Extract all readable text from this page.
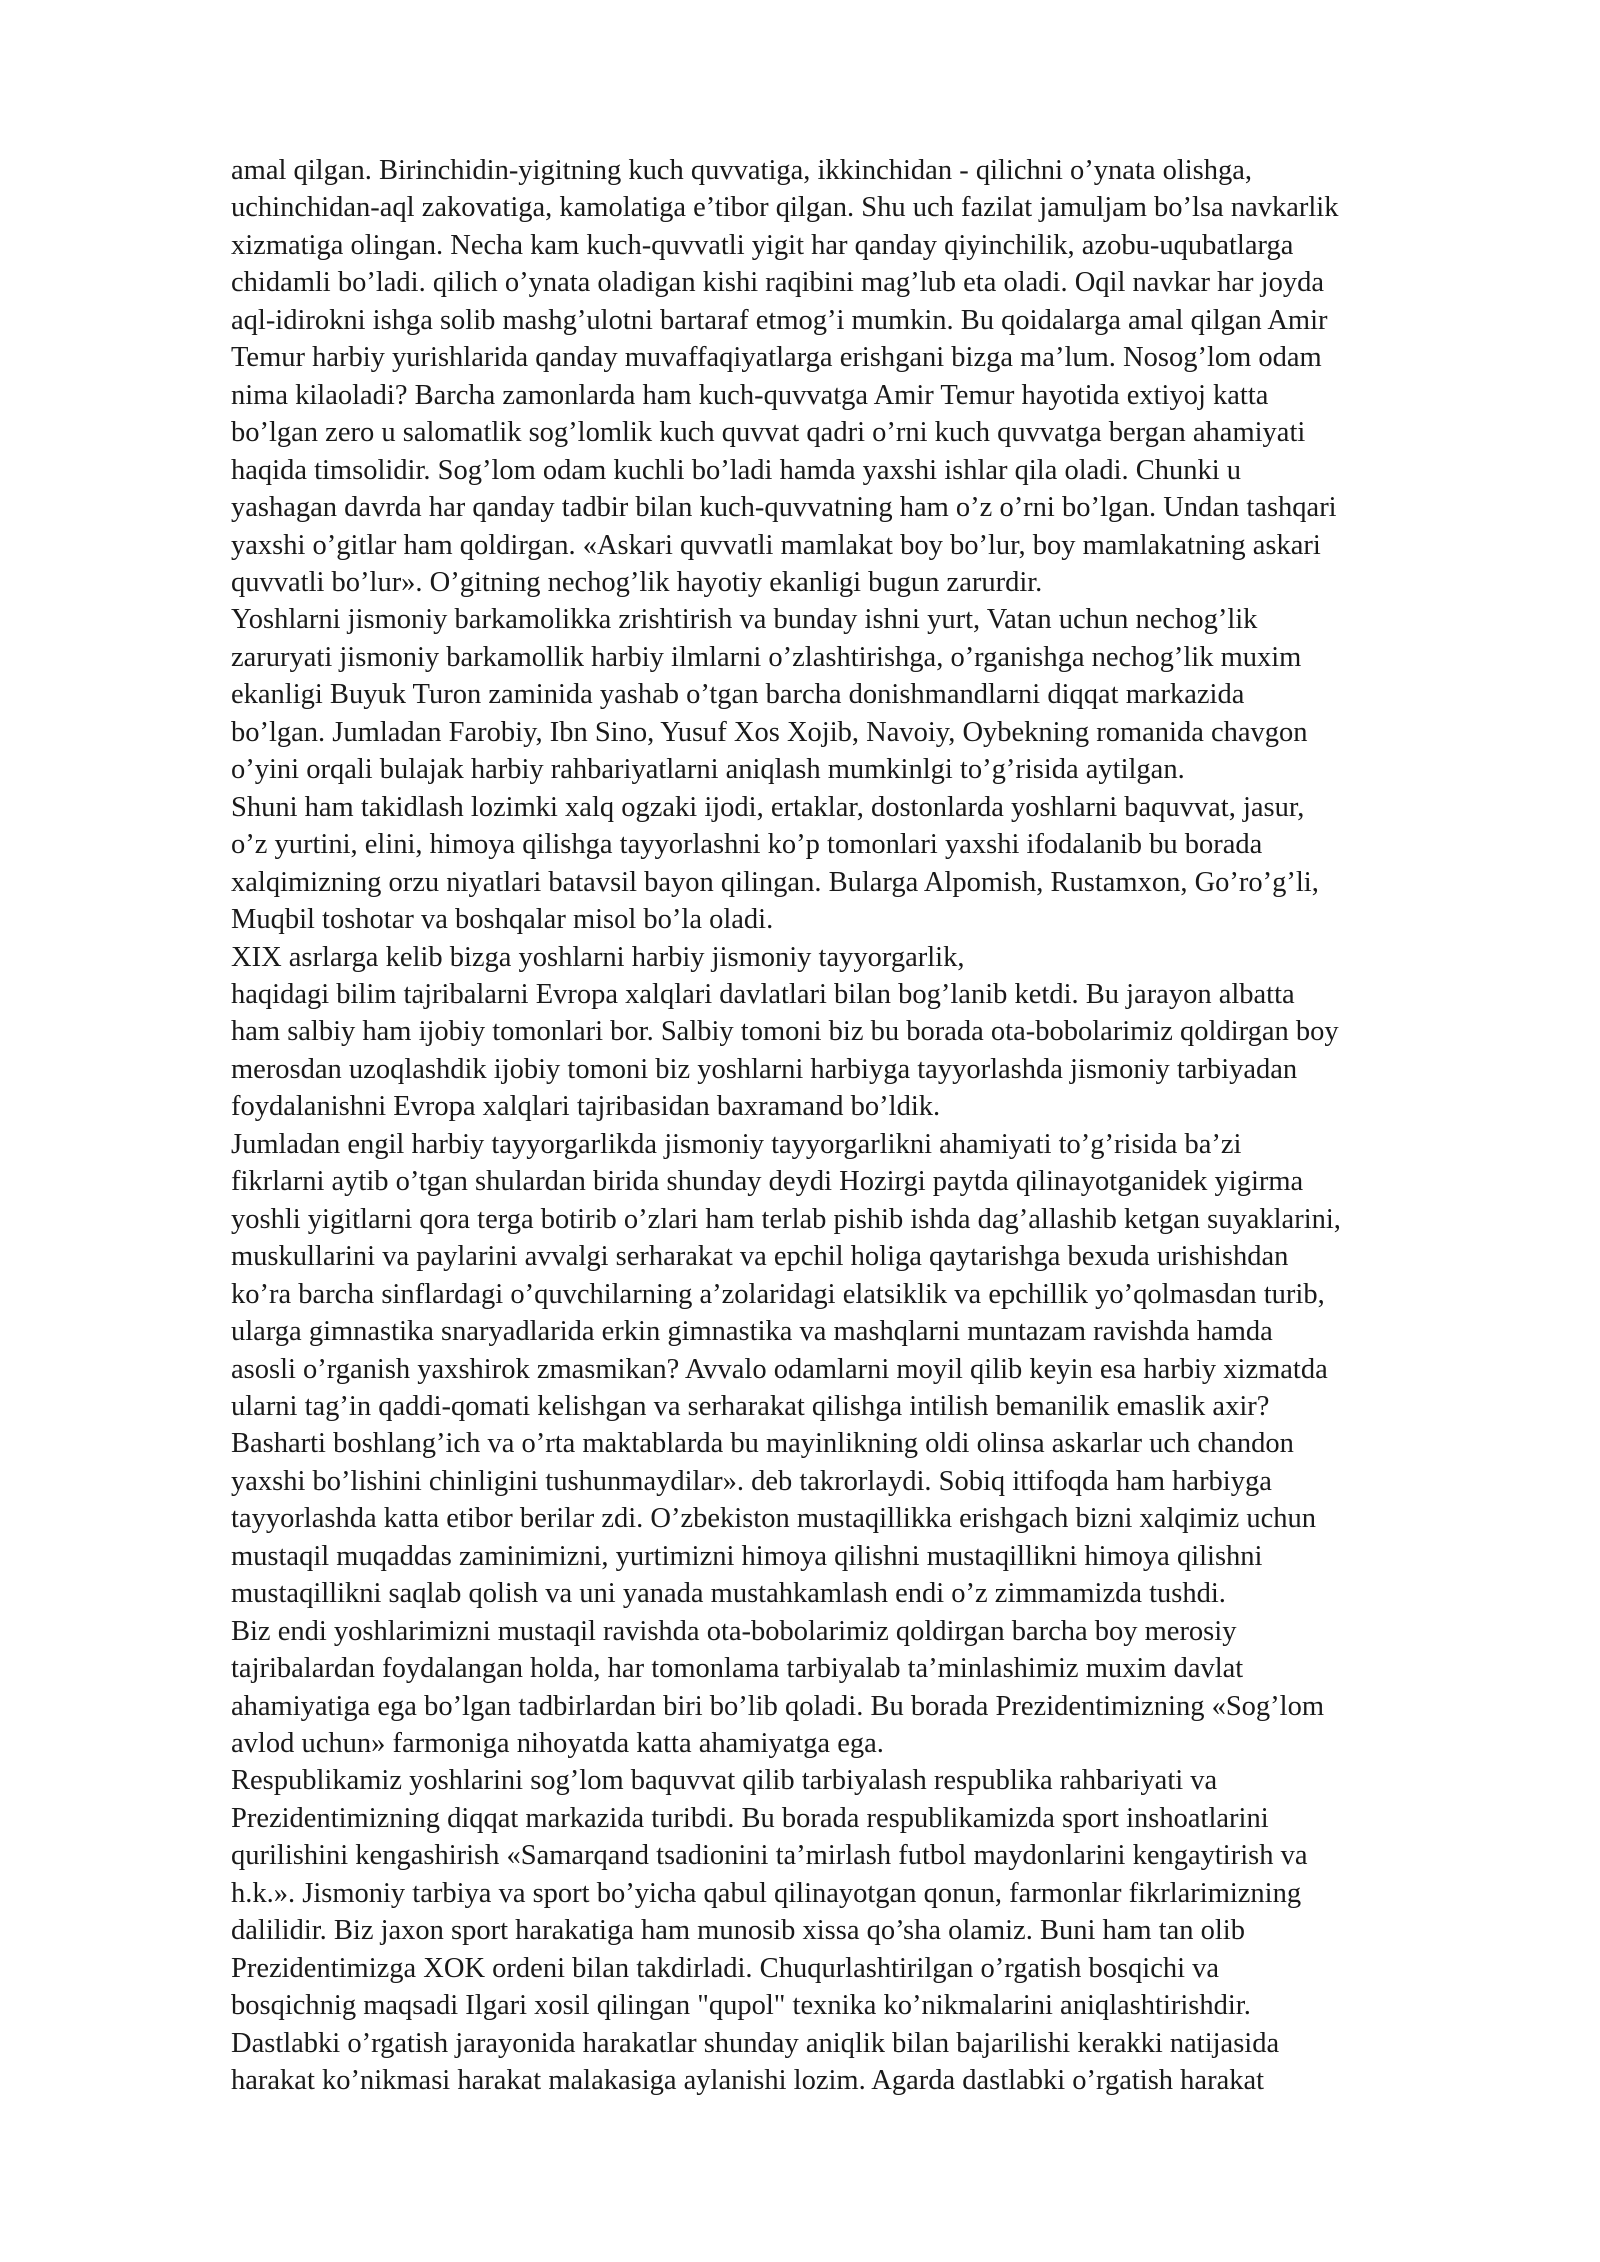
amal qilgan. Birinchidin-yigitning kuch quvvatiga, ikkinchidan - qilichni o’ynata olishga,
uchinchidan-aql zakovatiga, kamolatiga e’tibor qilgan. Shu uch fazilat jamuljam bo’lsa navkarlik
xizmatiga olingan. Necha kam kuch-quvvatli yigit har qanday qiyinchilik, azobu-uqubatlarga
chidamli bo’ladi. qilich o’ynata oladigan kishi raqibini mag’lub eta oladi. Oqil navkar har joyda
aql-idirokni ishga solib mashg’ulotni bartaraf etmog’i mumkin. Bu qoidalarga amal qilgan Amir
Temur harbiy yurishlarida qanday muvaffaqiyatlarga erishgani bizga ma’lum. Nosog’lom odam
nima kilaoladi? Barcha zamonlarda ham kuch-quvvatga Amir Temur hayotida extiyoj katta
bo’lgan zero u salomatlik sog’lomlik kuch quvvat qadri o’rni kuch quvvatga bergan ahamiyati
haqida timsolidir. Sog’lom odam kuchli bo’ladi hamda yaxshi ishlar qila oladi. Chunki u
yashagan davrda har qanday tadbir bilan kuch-quvvatning ham o’z o’rni bo’lgan. Undan tashqari
yaxshi o’gitlar ham qoldirgan. «Askari quvvatli mamlakat boy bo’lur, boy mamlakatning askari
quvvatli bo’lur». O’gitning nechog’lik hayotiy ekanligi bugun zarurdir.
Yoshlarni jismoniy barkamolikka zrishtirish va bunday ishni yurt, Vatan uchun nechog’lik
zaruryati jismoniy barkamollik harbiy ilmlarni o’zlashtirishga, o’rganishga nechog’lik muxim
ekanligi Buyuk Turon zaminida yashab o’tgan barcha donishmandlarni diqqat markazida
bo’lgan. Jumladan Farobiy, Ibn Sino, Yusuf Xos Xojib, Navoiy, Oybekning romanida chavgon
o’yini orqali bulajak harbiy rahbariyatlarni aniqlash mumkinlgi to’g’risida aytilgan.
Shuni ham takidlash lozimki xalq ogzaki ijodi, ertaklar, dostonlarda yoshlarni baquvvat, jasur,
o’z yurtini, elini, himoya qilishga tayyorlashni ko’p tomonlari yaxshi ifodalanib bu borada
xalqimizning orzu niyatlari batavsil bayon qilingan. Bularga Alpomish, Rustamxon, Go’ro’g’li,
Muqbil toshotar va boshqalar misol bo’la oladi.
XIX asrlarga kelib bizga yoshlarni harbiy jismoniy tayyorgarlik,
haqidagi bilim tajribalarni Evropa xalqlari davlatlari bilan bog’lanib ketdi. Bu jarayon albatta
ham salbiy ham ijobiy tomonlari bor. Salbiy tomoni biz bu borada ota-bobolarimiz qoldirgan boy
merosdan uzoqlashdik ijobiy tomoni biz yoshlarni harbiyga tayyorlashda jismoniy tarbiyadan
foydalanishni Evropa xalqlari tajribasidan baxramand bo’ldik.
Jumladan engil harbiy tayyorgarlikda jismoniy tayyorgarlikni ahamiyati to’g’risida ba’zi
fikrlarni aytib o’tgan shulardan birida shunday deydi Hozirgi paytda qilinayotganidek yigirma
yoshli yigitlarni qora terga botirib o’zlari ham terlab pishib ishda dag’allashib ketgan suyaklarini,
muskullarini va paylarini avvalgi serharakat va epchil holiga qaytarishga bexuda urishishdan
ko’ra barcha sinflardagi o’quvchilarning a’zolaridagi elatsiklik va epchillik yo’qolmasdan turib,
ularga gimnastika snaryadlarida erkin gimnastika va mashqlarni muntazam ravishda hamda
asosli o’rganish yaxshirok zmasmikan? Avvalo odamlarni moyil qilib keyin esa harbiy xizmatda
ularni tag’in qaddi-qomati kelishgan va serharakat qilishga intilish bemanilik emaslik axir?
Basharti boshlang’ich va o’rta maktablarda bu mayinlikning oldi olinsa askarlar uch chandon
yaxshi bo’lishini chinligini tushunmaydilar». deb takrorlaydi. Sobiq ittifoqda ham harbiyga
tayyorlashda katta etibor berilar zdi. O’zbekiston mustaqillikka erishgach bizni xalqimiz uchun
mustaqil muqaddas zaminimizni, yurtimizni himoya qilishni mustaqillikni himoya qilishni
mustaqillikni saqlab qolish va uni yanada mustahkamlash endi o’z zimmamizda tushdi.
Biz endi yoshlarimizni mustaqil ravishda ota-bobolarimiz qoldirgan barcha boy merosiy
tajribalardan foydalangan holda, har tomonlama tarbiyalab ta’minlashimiz muxim davlat
ahamiyatiga ega bo’lgan tadbirlardan biri bo’lib qoladi. Bu borada Prezidentimizning «Sog’lom
avlod uchun» farmoniga nihoyatda katta ahamiyatga ega.
Respublikamiz yoshlarini sog’lom baquvvat qilib tarbiyalash respublika rahbariyati va
Prezidentimizning diqqat markazida turibdi. Bu borada respublikamizda sport inshoatlarini
qurilishini kengashirish «Samarqand tsadionini ta’mirlash futbol maydonlarini kengaytirish va
h.k.». Jismoniy tarbiya va sport bo’yicha qabul qilinayotgan qonun, farmonlar fikrlarimizning
dalilidir. Biz jaxon sport harakatiga ham munosib xissa qo’sha olamiz. Buni ham tan olib
Prezidentimizga XOK ordeni bilan takdirladi. Chuqurlashtirilgan o’rgatish bosqichi va
bosqichnig maqsadi Ilgari xosil qilingan "qupol" texnika ko’nikmalarini aniqlashtirishdir.
Dastlabki o’rgatish jarayonida harakatlar shunday aniqlik bilan bajarilishi kerakki natijasida
harakat ko’nikmasi harakat malakasiga aylanishi lozim. Agarda dastlabki o’rgatish harakat
